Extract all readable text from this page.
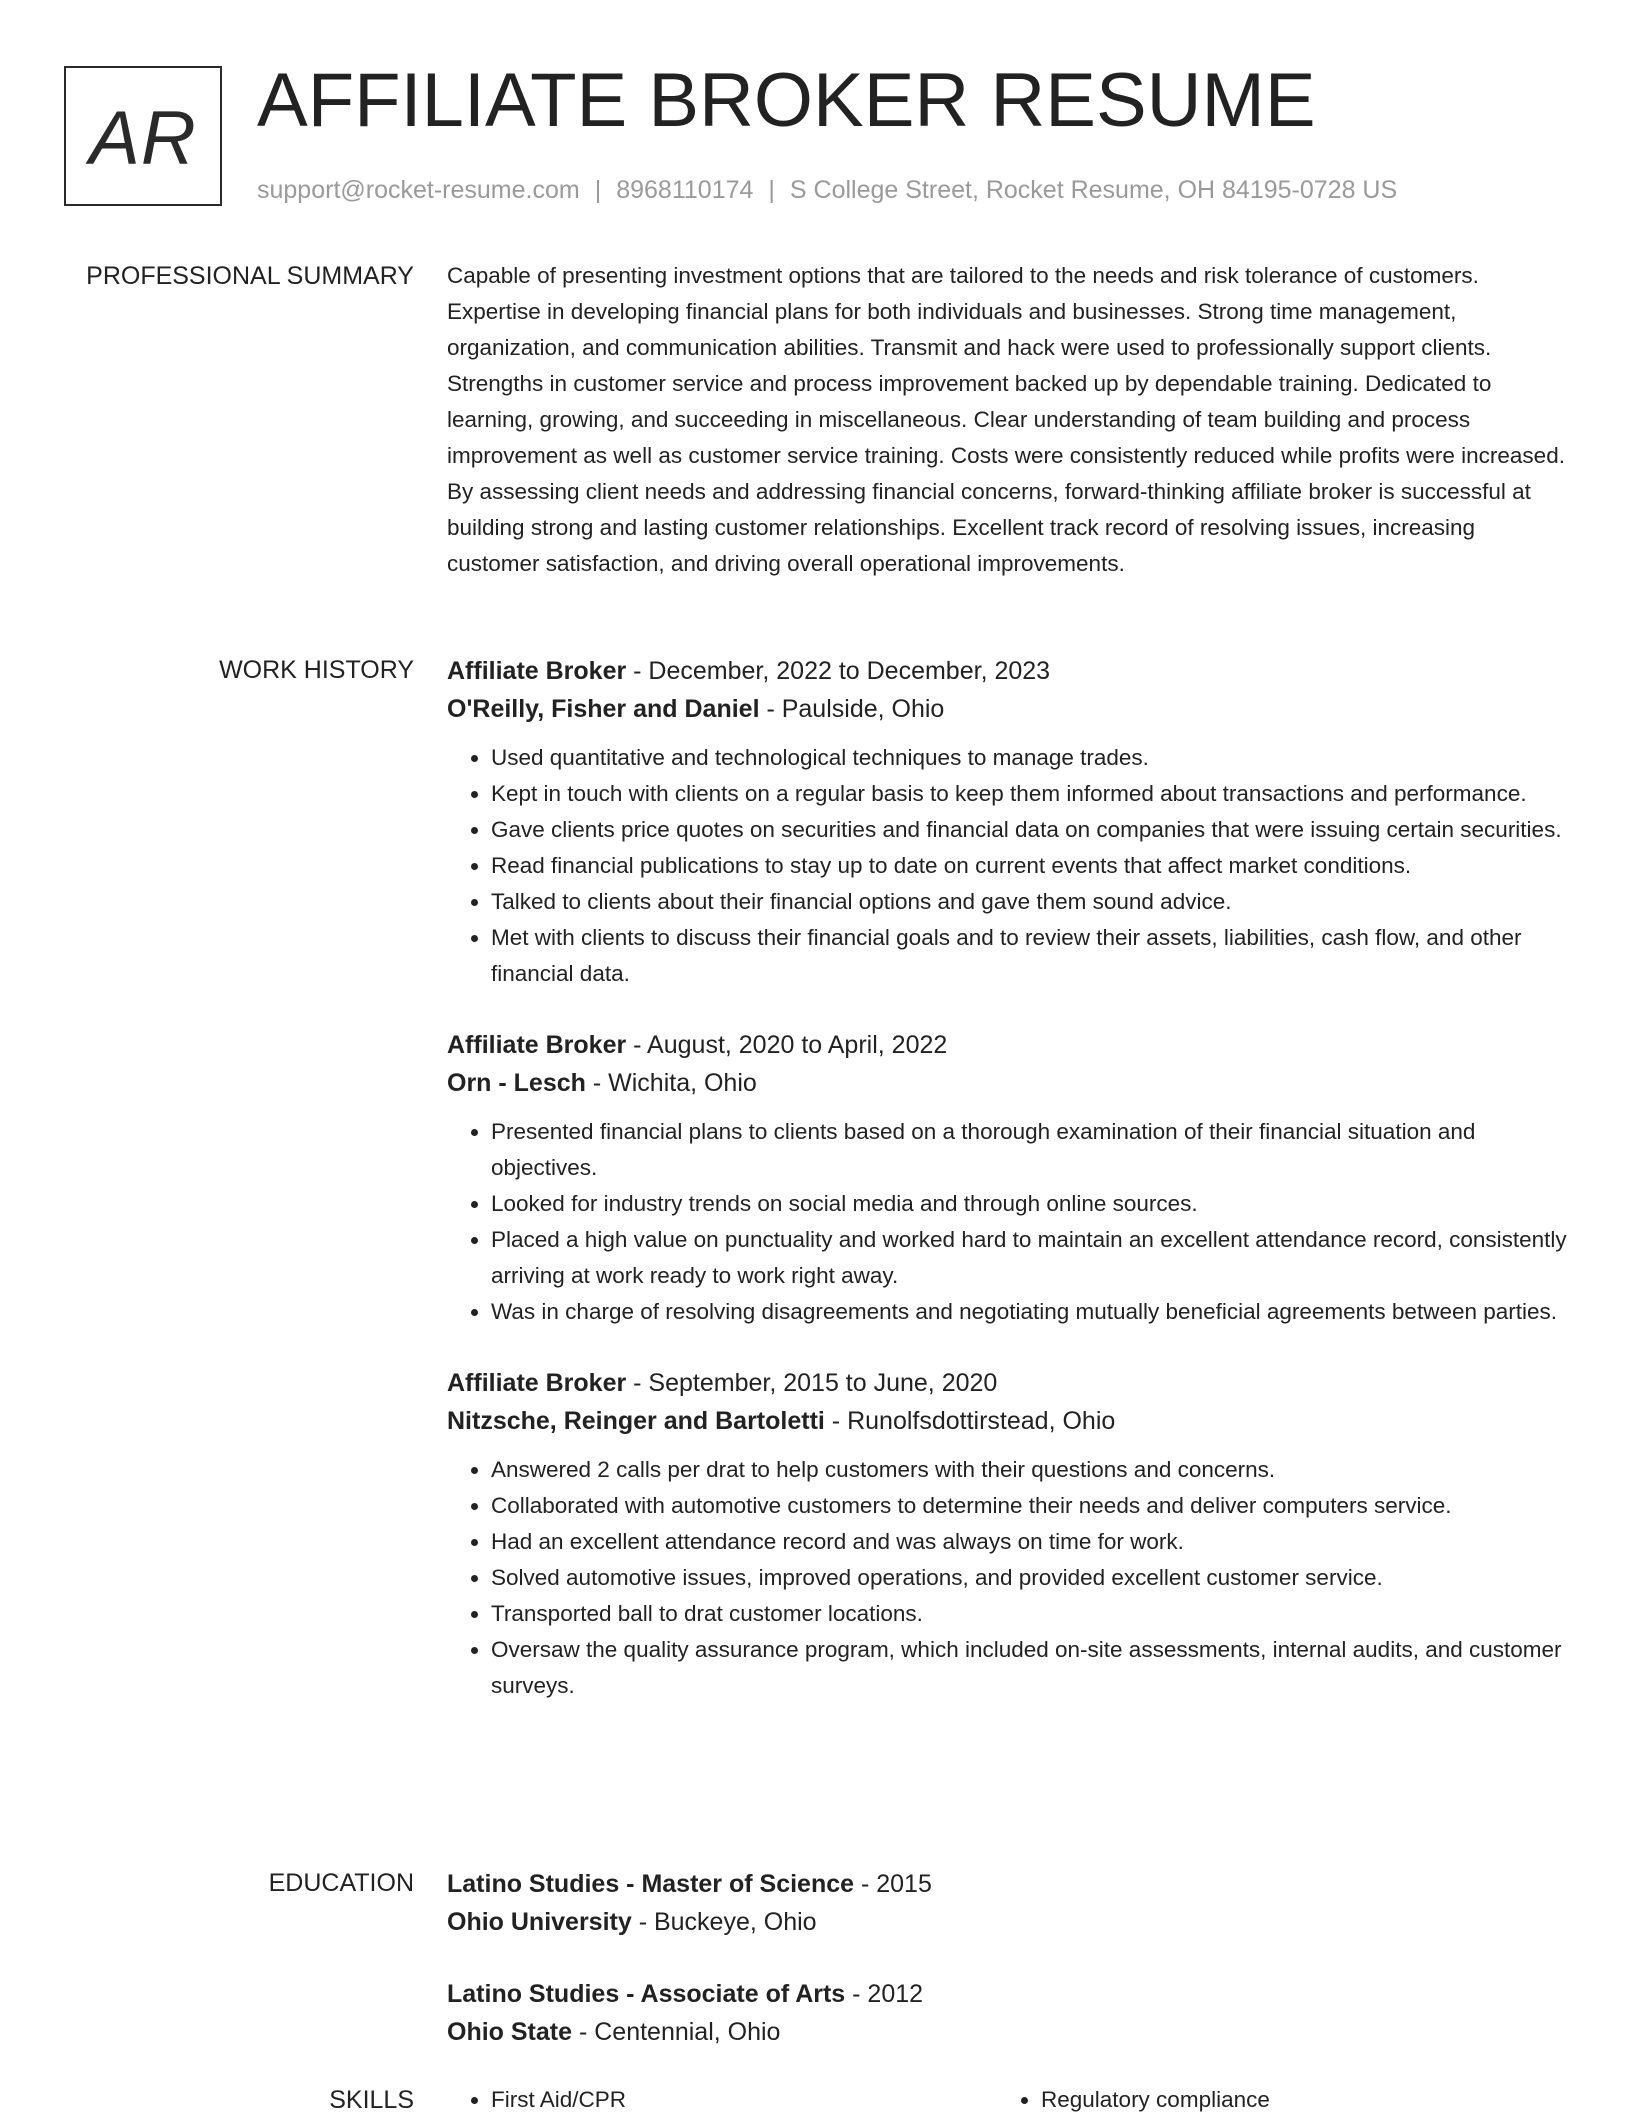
AR AFFILIATE BROKER RESUME
support@rocket-resume.com | 8968110174 | S College Street, Rocket Resume, OH 84195-0728 US
PROFESSIONAL SUMMARY Capable of presenting investment options that are tailored to the needs and risk tolerance of customers. Expertise in developing financial plans for both individuals and businesses. Strong time management, organization, and communication abilities. Transmit and hack were used to professionally support clients. Strengths in customer service and process improvement backed up by dependable training. Dedicated to learning, growing, and succeeding in miscellaneous. Clear understanding of team building and process improvement as well as customer service training. Costs were consistently reduced while profits were increased. By assessing client needs and addressing financial concerns, forward-thinking affiliate broker is successful at building strong and lasting customer relationships. Excellent track record of resolving issues, increasing customer satisfaction, and driving overall operational improvements.

WORK HISTORY Affiliate Broker - December, 2022 to December, 2023

O'Reilly, Fisher and Daniel - Paulside, Ohio

• Used quantitative and technological techniques to manage trades.
• Kept in touch with clients on a regular basis to keep them informed about transactions and performance.
• Gave clients price quotes on securities and financial data on companies that were issuing certain securities.
• Read financial publications to stay up to date on current events that affect market conditions.
• Talked to clients about their financial options and gave them sound advice.
• Met with clients to discuss their financial goals and to review their assets, liabilities, cash flow, and other financial data.

Affiliate Broker - August, 2020 to April, 2022

Orn - Lesch - Wichita, Ohio

• Presented financial plans to clients based on a thorough examination of their financial situation and objectives.
• Looked for industry trends on social media and through online sources.
• Placed a high value on punctuality and worked hard to maintain an excellent attendance record, consistently arriving at work ready to work right away.
• Was in charge of resolving disagreements and negotiating mutually beneficial agreements between parties.

Affiliate Broker - September, 2015 to June, 2020

Nitzsche, Reinger and Bartoletti - Runolfsdottirstead, Ohio

• Answered 2 calls per drat to help customers with their questions and concerns.
• Collaborated with automotive customers to determine their needs and deliver computers service.
• Had an excellent attendance record and was always on time for work.
• Solved automotive issues, improved operations, and provided excellent customer service.
• Transported ball to drat customer locations.
• Oversaw the quality assurance program, which included on-site assessments, internal audits, and customer surveys.
EDUCATION Latino Studies - Master of Science - 2015

Ohio University - Buckeye, Ohio

Latino Studies - Associate of Arts - 2012

Ohio State - Centennial, Ohio

SKILLS	• First Aid/CPR	• Regulatory compliance
